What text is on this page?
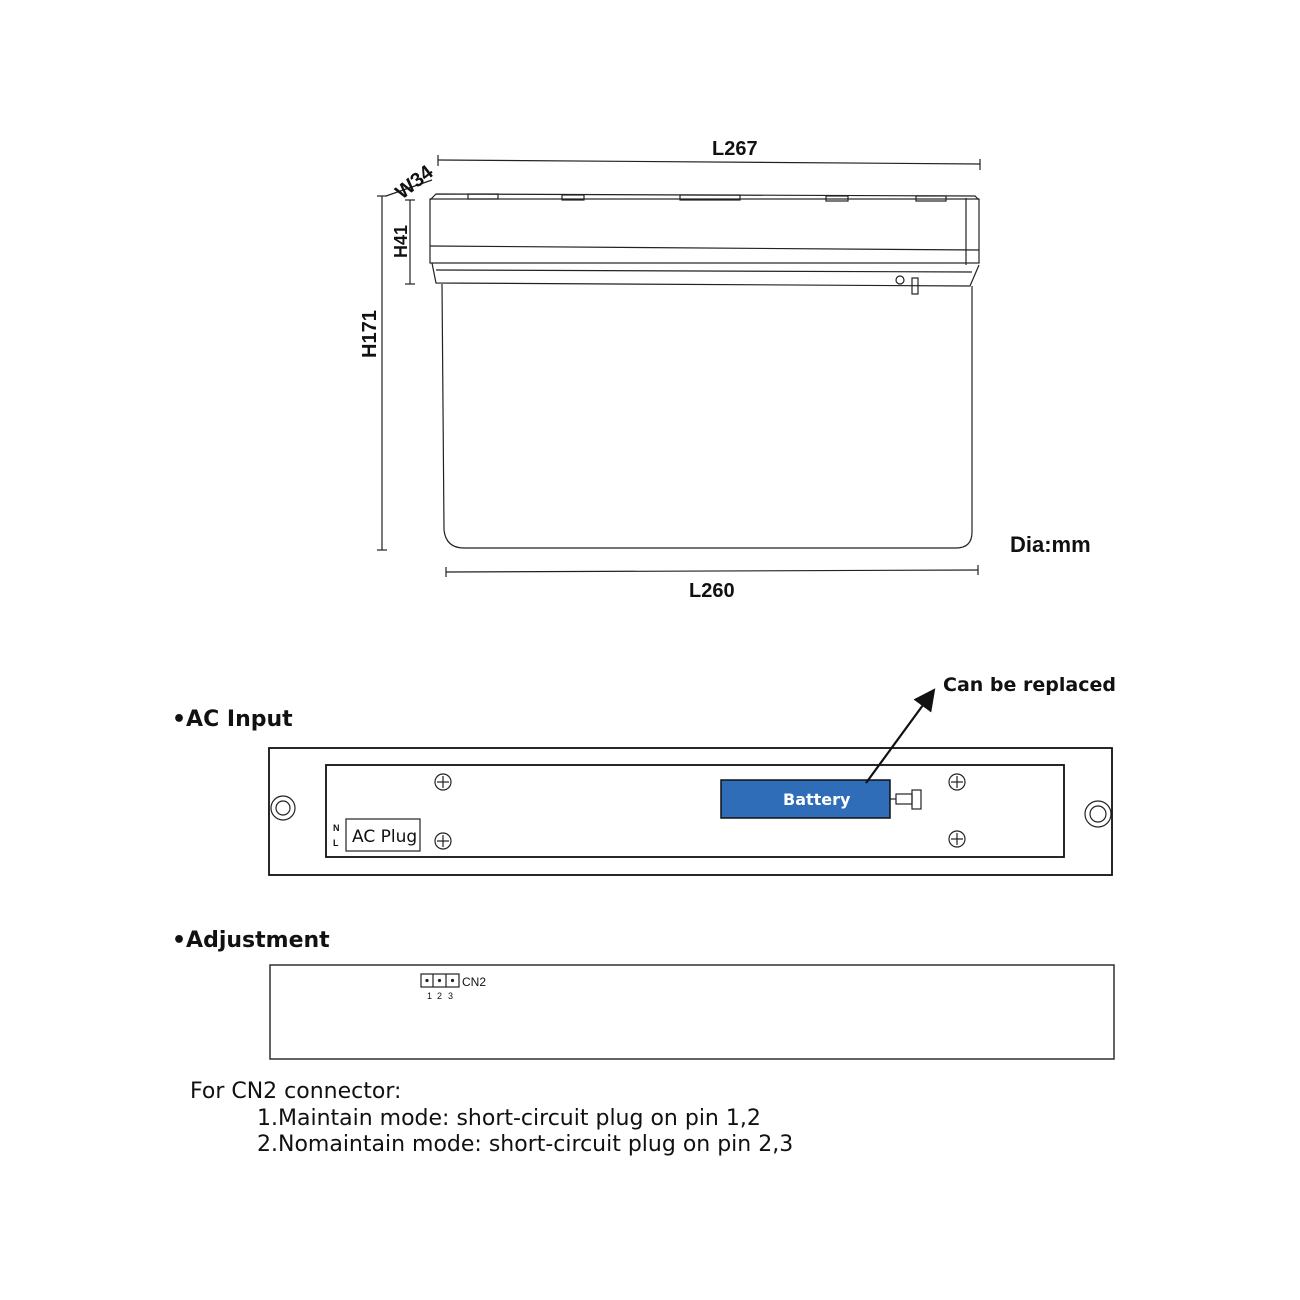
L267
W34
H41
H171
L260
Dia:mm
•AC Input
Can be replaced
N
L AC Plug
Battery
•Adjustment
CN2
1 2 3
For CN2 connector:
1.Maintain mode: short-circuit plug on pin 1,2
2.Nomaintain mode: short-circuit plug on pin 2,3
